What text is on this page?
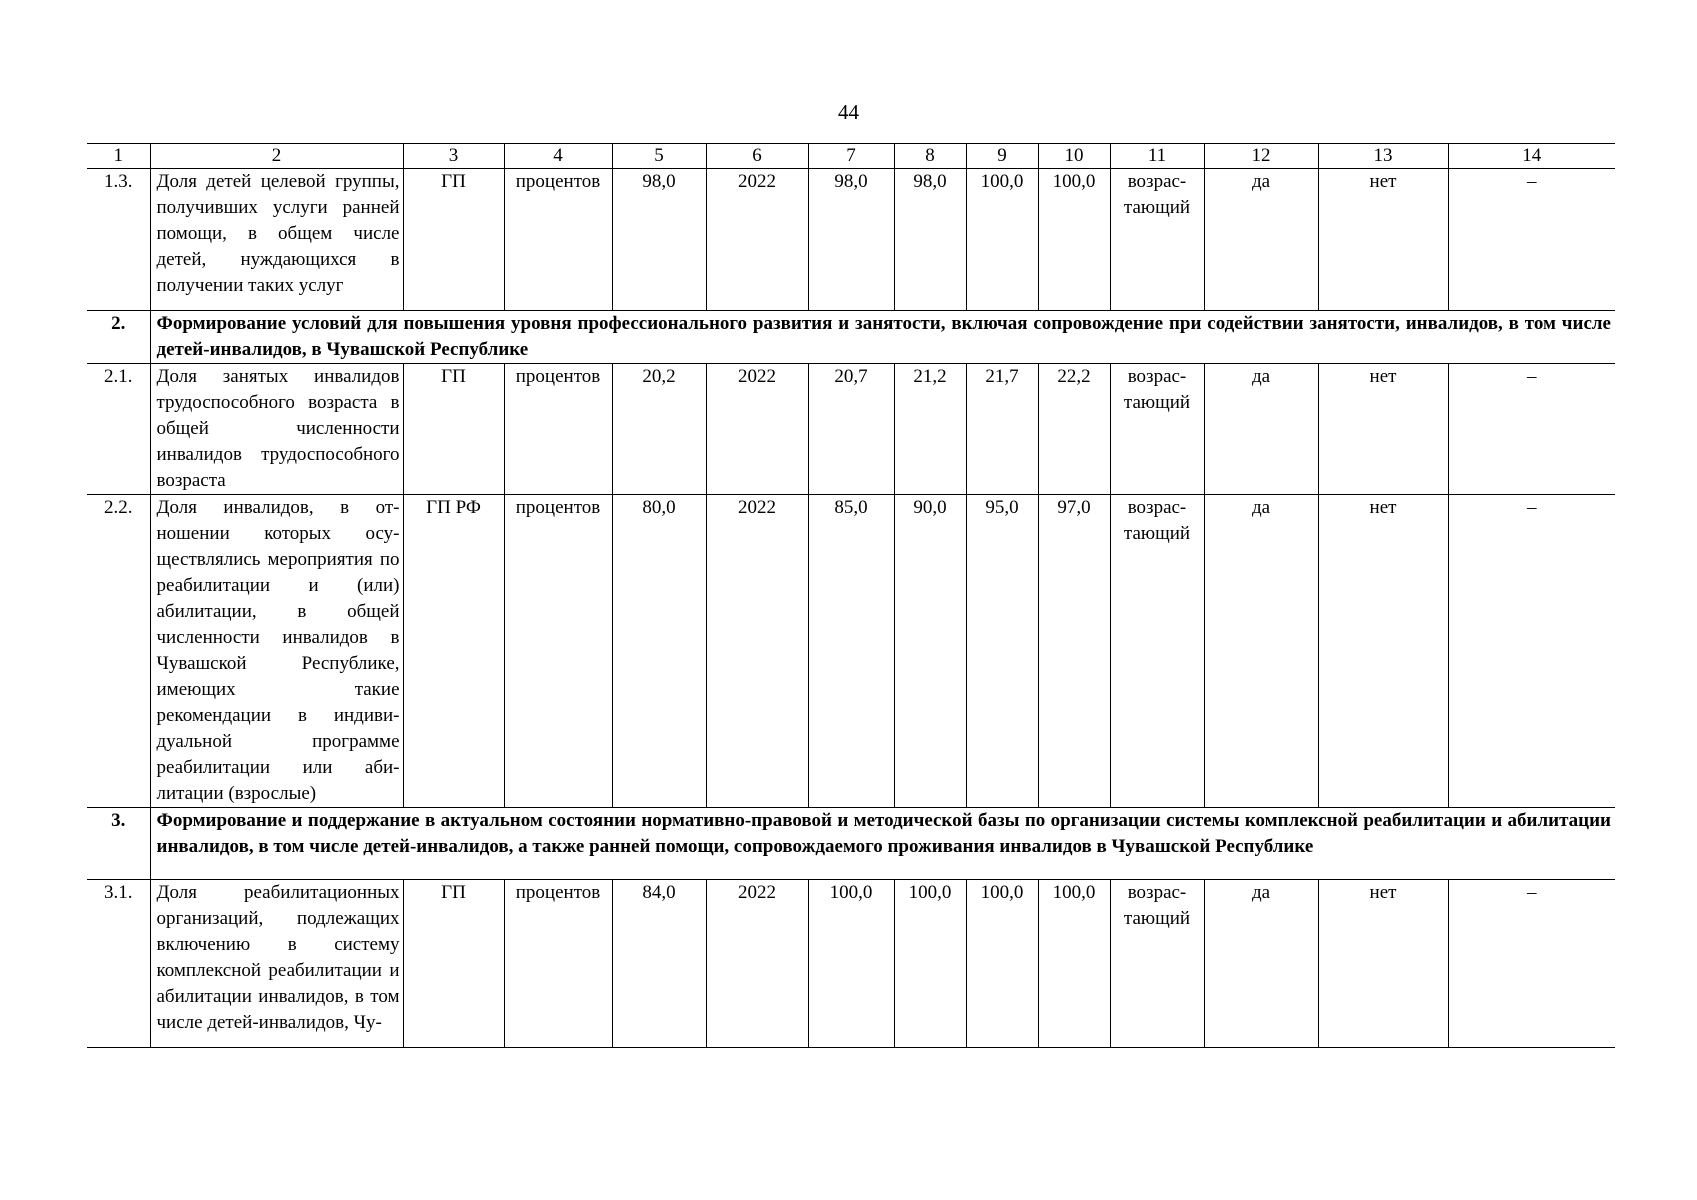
44
1	2	3	4	5	6	7	8	9	10	11	12	13	14
1.3.	Доля детей целевой группы, получивших услуги ранней помощи, в общем числе детей, нуждающихся в получении таких услуг	ГП	процентов	98,0	2022	98,0	98,0	100,0	100,0	возрас-тающий	да	нет	–
2.	Формирование условий для повышения уровня профессионального развития и занятости, включая сопровождение при содействии занятости, инвалидов, в том числе детей-инвалидов, в Чувашской Республике												
2.1.	Доля занятых инвалидов трудоспособного возраста в общей численности инвалидов трудоспособного возраста	ГП	процентов	20,2	2022	20,7	21,2	21,7	22,2	возрас-тающий	да	нет	–
2.2.	Доля инвалидов, в отношении которых осуществлялись мероприятия по реабилитации и (или) абилитации, в общей численности инвалидов в Чувашской Республике, имеющих такие рекомендации в индивидуальной программе реабилитации или абилитации (взрослые)	ГП РФ	процентов	80,0	2022	85,0	90,0	95,0	97,0	возрас-тающий	да	нет	–
3.	Формирование и поддержание в актуальном состоянии нормативно-правовой и методической базы по организации системы комплексной реабилитации и абилитации инвалидов, в том числе детей-инвалидов, а также ранней помощи, сопровождаемого проживания инвалидов в Чувашской Республике												
3.1.	Доля реабилитационных организаций, подлежащих включению в систему комплексной реабилитации и абилитации инвалидов, в том числе детей-инвалидов, Чу-	ГП	процентов	84,0	2022	100,0	100,0	100,0	100,0	возрас-тающий	да	нет	–
